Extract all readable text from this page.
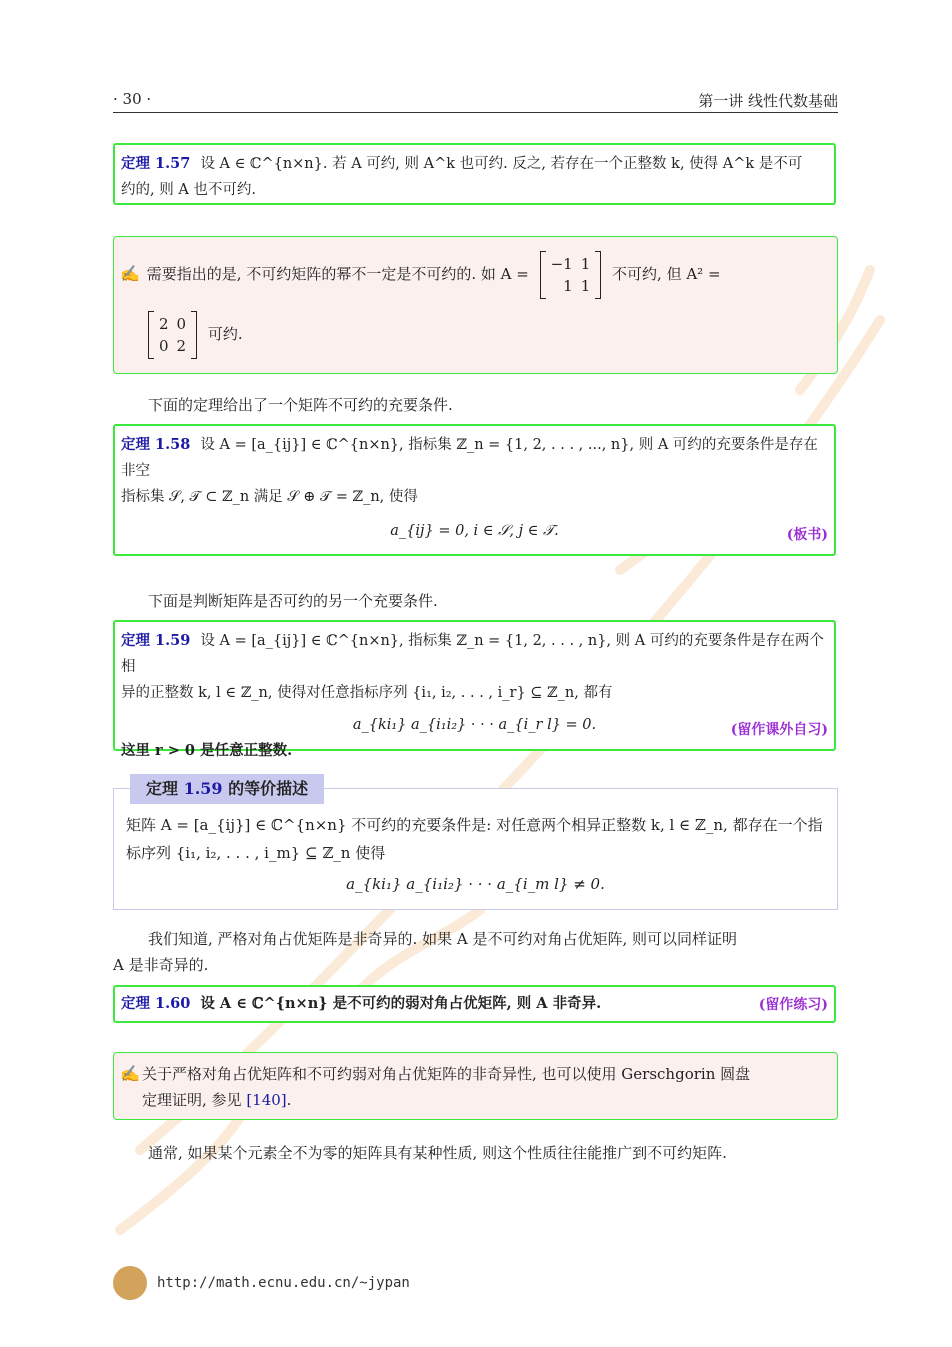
· 30 ·	第一讲 线性代数基础
定理 1.57 设 A ∈ ℂ^{n×n}. 若 A 可约, 则 A^k 也可约. 反之, 若存在一个正整数 k, 使得 A^k 是不可
约的, 则 A 也不可约.
✍ 需要指出的是, 不可约矩阵的幂不一定是不可约的. 如 A =
−1	1
1	1
不可约, 但 A² =
2	0
0	2
可约.
下面的定理给出了一个矩阵不可约的充要条件.
定理 1.58 设 A = [a_{ij}] ∈ ℂ^{n×n}, 指标集 ℤ_n = {1, 2, . . . , ..., n}, 则 A 可约的充要条件是存在非空
指标集 𝒮, 𝒯 ⊂ ℤ_n 满足 𝒮 ⊕ 𝒯 = ℤ_n, 使得
a_{ij} = 0, i ∈ 𝒮, j ∈ 𝒯.	(板书)
下面是判断矩阵是否可约的另一个充要条件.
定理 1.59 设 A = [a_{ij}] ∈ ℂ^{n×n}, 指标集 ℤ_n = {1, 2, . . . , n}, 则 A 可约的充要条件是存在两个相
异的正整数 k, l ∈ ℤ_n, 使得对任意指标序列 {i₁, i₂, . . . , i_r} ⊆ ℤ_n, 都有
a_{ki₁} a_{i₁i₂} · · · a_{i_r l} = 0.
这里 r > 0 是任意正整数.
(留作课外自习)
矩阵 A = [a_{ij}] ∈ ℂ^{n×n} 不可约的充要条件是: 对任意两个相异正整数 k, l ∈ ℤ_n, 都存在一个指
标序列 {i₁, i₂, . . . , i_m} ⊆ ℤ_n 使得
a_{ki₁} a_{i₁i₂} · · · a_{i_m l} ≠ 0.
定理 1.59 的等价描述
我们知道, 严格对角占优矩阵是非奇异的. 如果 A 是不可约对角占优矩阵, 则可以同样证明
A 是非奇异的.
定理 1.60 设 A ∈ ℂ^{n×n} 是不可约的弱对角占优矩阵, 则 A 非奇异.	(留作练习)
✍ 关于严格对角占优矩阵和不可约弱对角占优矩阵的非奇异性, 也可以使用 Gerschgorin 圆盘
定理证明, 参见 [140].
通常, 如果某个元素全不为零的矩阵具有某种性质, 则这个性质往往能推广到不可约矩阵.
http://math.ecnu.edu.cn/~jypan
